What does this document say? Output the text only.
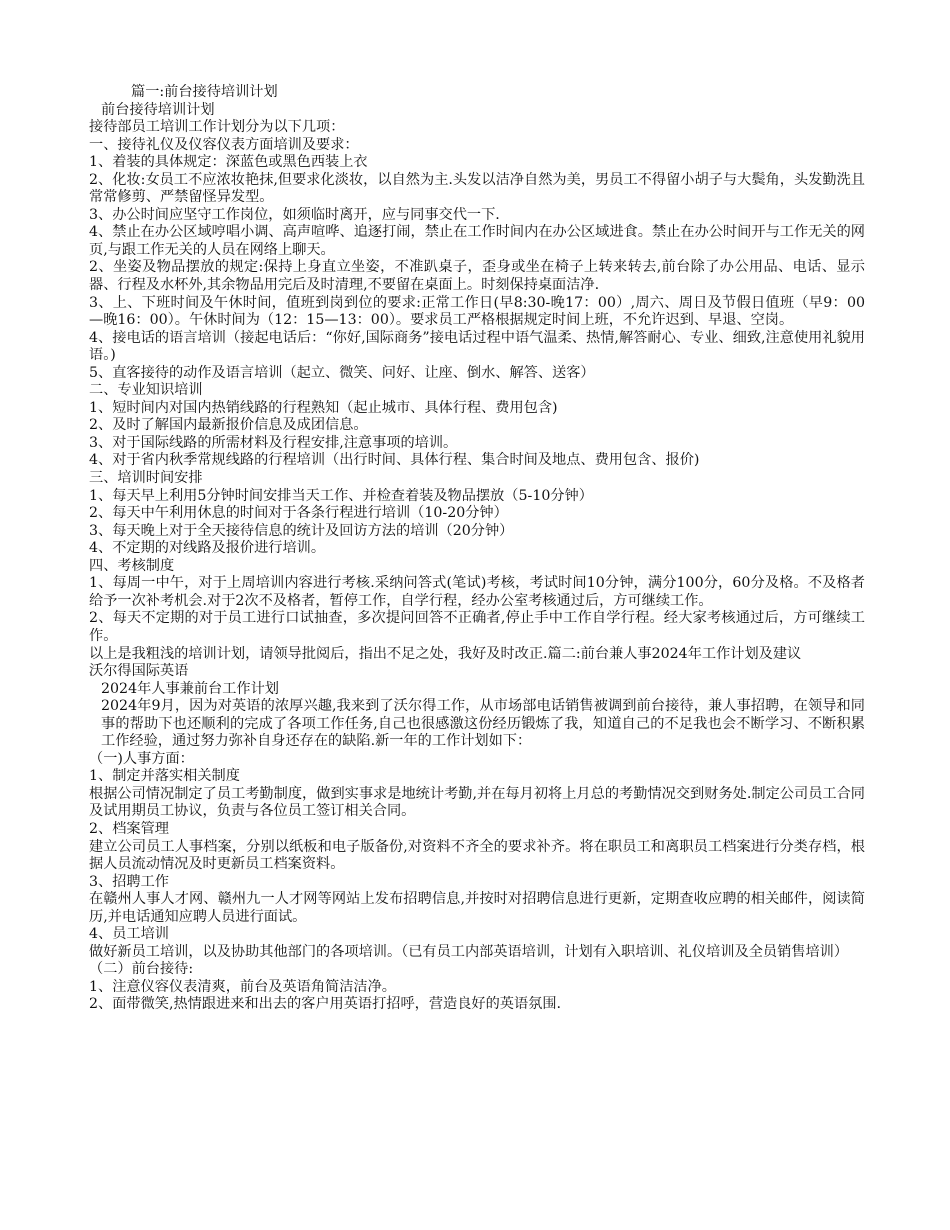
篇一:前台接待培训计划

前台接待培训计划

接待部员工培训工作计划分为以下几项：

一、接待礼仪及仪容仪表方面培训及要求：

1、着装的具体规定：深蓝色或黑色西装上衣

2、化妆:女员工不应浓妆艳抹,但要求化淡妆，以自然为主.头发以洁净自然为美，男员工不得留小胡子与大鬓角，头发勤洗且常常修剪、严禁留怪异发型。

3、办公时间应坚守工作岗位，如须临时离开，应与同事交代一下.

4、禁止在办公区域哼唱小调、高声喧哗、追逐打闹，禁止在工作时间内在办公区域进食。禁止在办公时间开与工作无关的网页,与跟工作无关的人员在网络上聊天。

2、坐姿及物品摆放的规定:保持上身直立坐姿，不准趴桌子，歪身或坐在椅子上转来转去,前台除了办公用品、电话、显示器、行程及水杯外,其余物品用完后及时清理,不要留在桌面上。时刻保持桌面洁净.

3、上、下班时间及午休时间，值班到岗到位的要求:正常工作日(早8:30-晚17：00）,周六、周日及节假日值班（早9：00—晚16：00）。午休时间为（12：15—13：00）。要求员工严格根据规定时间上班，不允许迟到、早退、空岗。

4、接电话的语言培训（接起电话后：“你好,国际商务”接电话过程中语气温柔、热情,解答耐心、专业、细致,注意使用礼貌用语。)

5、直客接待的动作及语言培训（起立、微笑、问好、让座、倒水、解答、送客）

二、专业知识培训

1、短时间内对国内热销线路的行程熟知（起止城市、具体行程、费用包含)

2、及时了解国内最新报价信息及成团信息。

3、对于国际线路的所需材料及行程安排,注意事项的培训。

4、对于省内秋季常规线路的行程培训（出行时间、具体行程、集合时间及地点、费用包含、报价)

三、培训时间安排

1、每天早上利用5分钟时间安排当天工作、并检查着装及物品摆放（5-10分钟）

2、每天中午利用休息的时间对于各条行程进行培训（10-20分钟）

3、每天晚上对于全天接待信息的统计及回访方法的培训（20分钟）

4、不定期的对线路及报价进行培训。

四、考核制度

1、每周一中午，对于上周培训内容进行考核.采纳问答式(笔试)考核，考试时间10分钟，满分100分，60分及格。不及格者给予一次补考机会.对于2次不及格者，暂停工作，自学行程，经办公室考核通过后，方可继续工作。

2、每天不定期的对于员工进行口试抽查，多次提问回答不正确者,停止手中工作自学行程。经大家考核通过后，方可继续工作。

以上是我粗浅的培训计划，请领导批阅后，指出不足之处，我好及时改正.篇二:前台兼人事2024年工作计划及建议

沃尔得国际英语

2024年人事兼前台工作计划

2024年9月，因为对英语的浓厚兴趣,我来到了沃尔得工作，从市场部电话销售被调到前台接待，兼人事招聘，在领导和同事的帮助下也还顺利的完成了各项工作任务,自己也很感激这份经历锻炼了我，知道自己的不足我也会不断学习、不断积累工作经验，通过努力弥补自身还存在的缺陷.新一年的工作计划如下：

（一)人事方面：

1、制定并落实相关制度

根据公司情况制定了员工考勤制度，做到实事求是地统计考勤,并在每月初将上月总的考勤情况交到财务处.制定公司员工合同及试用期员工协议，负责与各位员工签订相关合同。

2、档案管理

建立公司员工人事档案，分别以纸板和电子版备份,对资料不齐全的要求补齐。将在职员工和离职员工档案进行分类存档，根据人员流动情况及时更新员工档案资料。

3、招聘工作

在赣州人事人才网、赣州九一人才网等网站上发布招聘信息,并按时对招聘信息进行更新，定期查收应聘的相关邮件，阅读简历,并电话通知应聘人员进行面试。

4、员工培训

做好新员工培训，以及协助其他部门的各项培训。（已有员工内部英语培训，计划有入职培训、礼仪培训及全员销售培训）

（二）前台接待:

1、注意仪容仪表清爽，前台及英语角简洁洁净。

2、面带微笑,热情跟进来和出去的客户用英语打招呼，营造良好的英语氛围.
